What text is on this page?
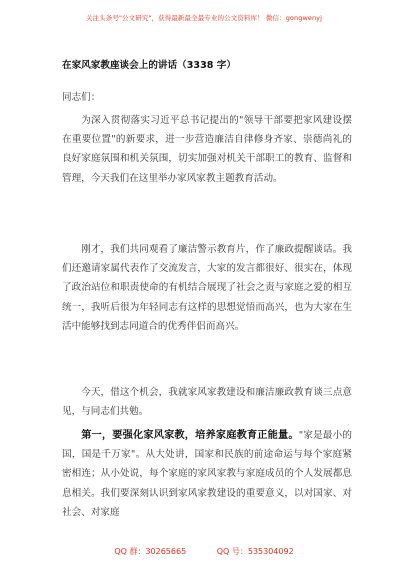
关注头条号"公文研究"，获得最新最全最专业的公文资料库！ 微信：gongwenyj
在家风家教座谈会上的讲话（3338 字）
同志们：

为深入贯彻落实习近平总书记提出的"领导干部要把家风建设摆在重要位置"的新要求，进一步营造廉洁自律修身齐家、崇德尚礼的良好家庭氛围和机关氛围，切实加强对机关干部职工的教育、监督和管理，今天我们在这里举办家风家教主题教育活动。

刚才，我们共同观看了廉洁警示教育片，作了廉政提醒谈话。我们还邀请家属代表作了交流发言，大家的发言都很好、很实在，体现了政治站位和职责使命的有机结合展现了社会之责与家庭之爱的相互统一，我听后很为年轻同志有这样的思想觉悟而高兴，也为大家在生活中能够找到志同道合的优秀伴侣而高兴。

今天，借这个机会，我就家风家教建设和廉洁廉政教育谈三点意见，与同志们共勉。

第一，要强化家风家教，培养家庭教育正能量。"家是最小的国，国是千万家"。从大处讲，国家和民族的前途命运与每个家庭紧密相连；从小处说，每个家庭的家风家教与家庭成员的个人发展都息息相关。我们要深刻认识到家风家教建设的重要意义，以对国家、对社会、对家庭

QQ 群：30265665	QQ 号：535304092
